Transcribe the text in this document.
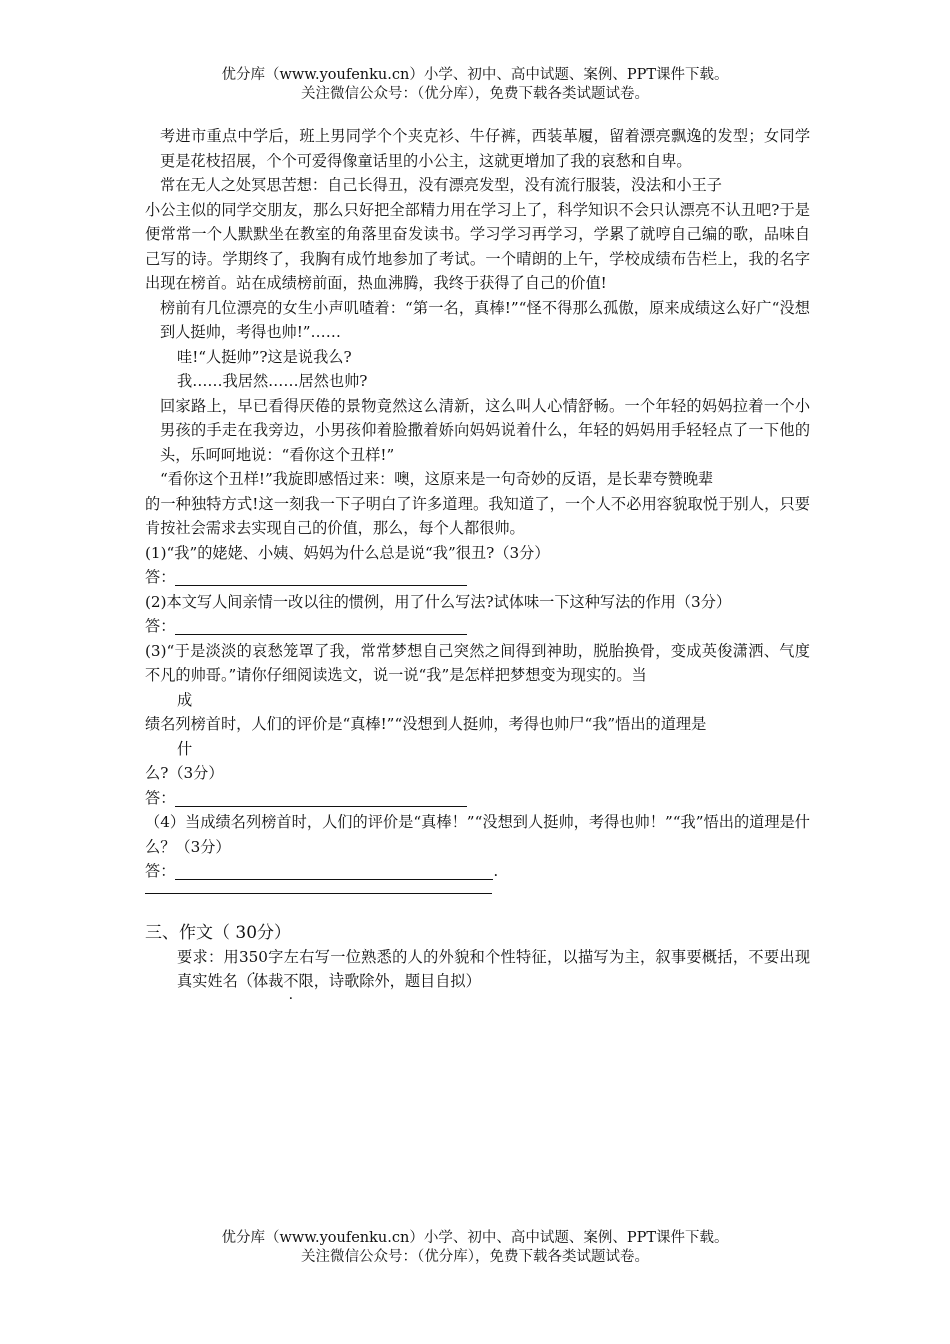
优分库（www.youfenku.cn）小学、初中、高中试题、案例、PPT课件下载。
关注微信公众号：（优分库），免费下载各类试题试卷。

考进市重点中学后，班上男同学个个夹克衫、牛仔裤，西装革履，留着漂亮飘逸的发型；女同学更是花枝招展，个个可爱得像童话里的小公主，这就更增加了我的哀愁和自卑。

常在无人之处冥思苦想：自己长得丑，没有漂亮发型，没有流行服装，没法和小王子

小公主似的同学交朋友，那么只好把全部精力用在学习上了，科学知识不会只认漂亮不认丑吧?于是便常常一个人默默坐在教室的角落里奋发读书。学习学习再学习，学累了就哼自己编的歌，品味自己写的诗。学期终了，我胸有成竹地参加了考试。一个晴朗的上午，学校成绩布告栏上，我的名字出现在榜首。站在成绩榜前面，热血沸腾，我终于获得了自己的价值!

榜前有几位漂亮的女生小声叽喳着：“第一名，真棒!”“怪不得那么孤傲，原来成绩这么好广“没想到人挺帅，考得也帅!”……

哇!“人挺帅”?这是说我么?

我……我居然……居然也帅?

回家路上，早已看得厌倦的景物竟然这么清新，这么叫人心情舒畅。一个年轻的妈妈拉着一个小男孩的手走在我旁边，小男孩仰着脸撒着娇向妈妈说着什么，年轻的妈妈用手轻轻点了一下他的头，乐呵呵地说：“看你这个丑样!”

“看你这个丑样!”我旋即感悟过来：噢，这原来是一句奇妙的反语，是长辈夸赞晚辈

的一种独特方式!这一刻我一下子明白了许多道理。我知道了，一个人不必用容貌取悦于别人，只要肯按社会需求去实现自己的价值，那么，每个人都很帅。

(1)“我”的姥姥、小姨、妈妈为什么总是说“我”很丑?（3分）

答：

(2)本文写人间亲情一改以往的惯例，用了什么写法?试体味一下这种写法的作用（3分）

答：

(3)“于是淡淡的哀愁笼罩了我，常常梦想自己突然之间得到神助，脱胎换骨，变成英俊潇洒、气度不凡的帅哥。”请你仔细阅读选文，说一说“我”是怎样把梦想变为现实的。当

成

绩名列榜首时，人们的评价是“真棒!”“没想到人挺帅，考得也帅尸“我”悟出的道理是

什

么?（3分）

答：

（4）当成绩名列榜首时，人们的评价是“真棒！”“没想到人挺帅，考得也帅！”“我”悟出的道理是什么？（3分）

答：	.

三、作文（ 30分）

要求：用350 ·字左右写一位熟悉的人的外貌和个性特征，以描写为主，叙事要概括，不要出现真实姓名（体裁不限，诗歌除外，题目自拟）

优分库（www.youfenku.cn）小学、初中、高中试题、案例、PPT课件下载。
关注微信公众号：（优分库），免费下载各类试题试卷。
